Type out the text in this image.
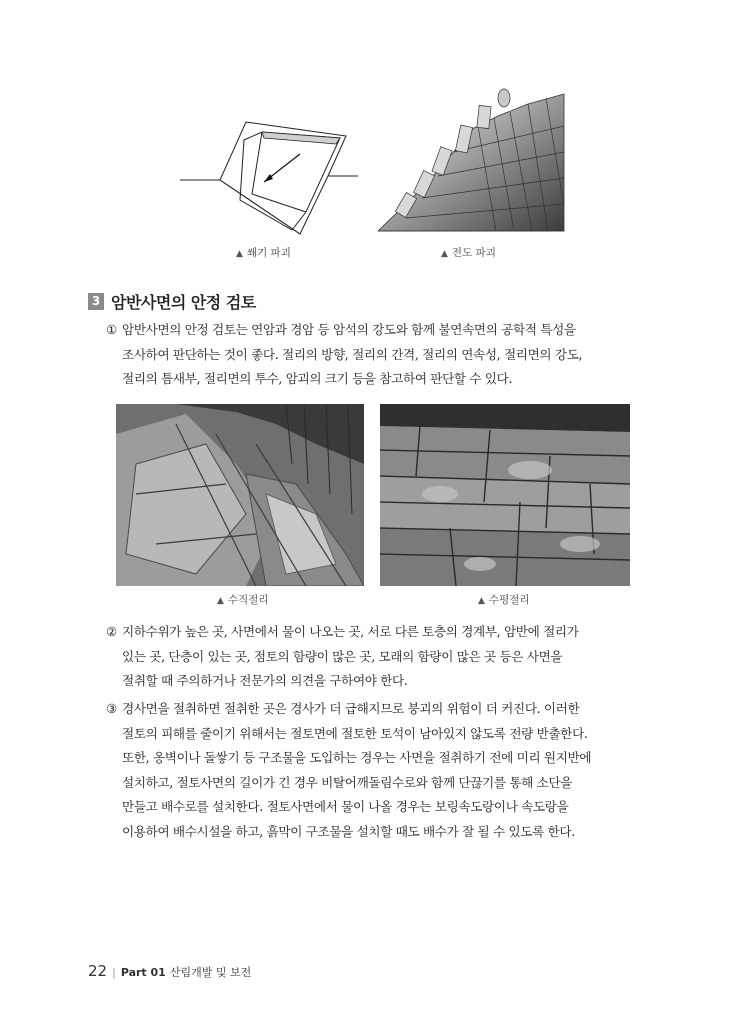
▲ 쐐기 파괴	▲ 전도 파괴
3 암반사면의 안정 검토
① 암반사면의 안정 검토는 연암과 경암 등 암석의 강도와 함께 불연속면의 공학적 특성을
조사하여 판단하는 것이 좋다. 절리의 방향, 절리의 간격, 절리의 연속성, 절리면의 강도,
절리의 틈새부, 절리면의 투수, 암괴의 크기 등을 참고하여 판단할 수 있다.
▲ 수직절리	▲ 수평절리
② 지하수위가 높은 곳, 사면에서 물이 나오는 곳, 서로 다른 토층의 경계부, 암반에 절리가
있는 곳, 단층이 있는 곳, 점토의 함량이 많은 곳, 모래의 함량이 많은 곳 등은 사면을
절취할 때 주의하거나 전문가의 의견을 구하여야 한다.
③ 경사면을 절취하면 절취한 곳은 경사가 더 급해지므로 붕괴의 위험이 더 커진다. 이러한
절토의 피해를 줄이기 위해서는 절토면에 절토한 토석이 남아있지 않도록 전량 반출한다.
또한, 옹벽이나 돌쌓기 등 구조물을 도입하는 경우는 사면을 절취하기 전에 미리 원지반에
설치하고, 절토사면의 길이가 긴 경우 비탈어깨돌림수로와 함께 단끊기를 통해 소단을
만들고 배수로를 설치한다. 절토사면에서 물이 나올 경우는 보링속도랑이나 속도랑을
이용하여 배수시설을 하고, 흙막이 구조물을 설치할 때도 배수가 잘 될 수 있도록 한다.
22 | Part 01 산림개발 및 보전
